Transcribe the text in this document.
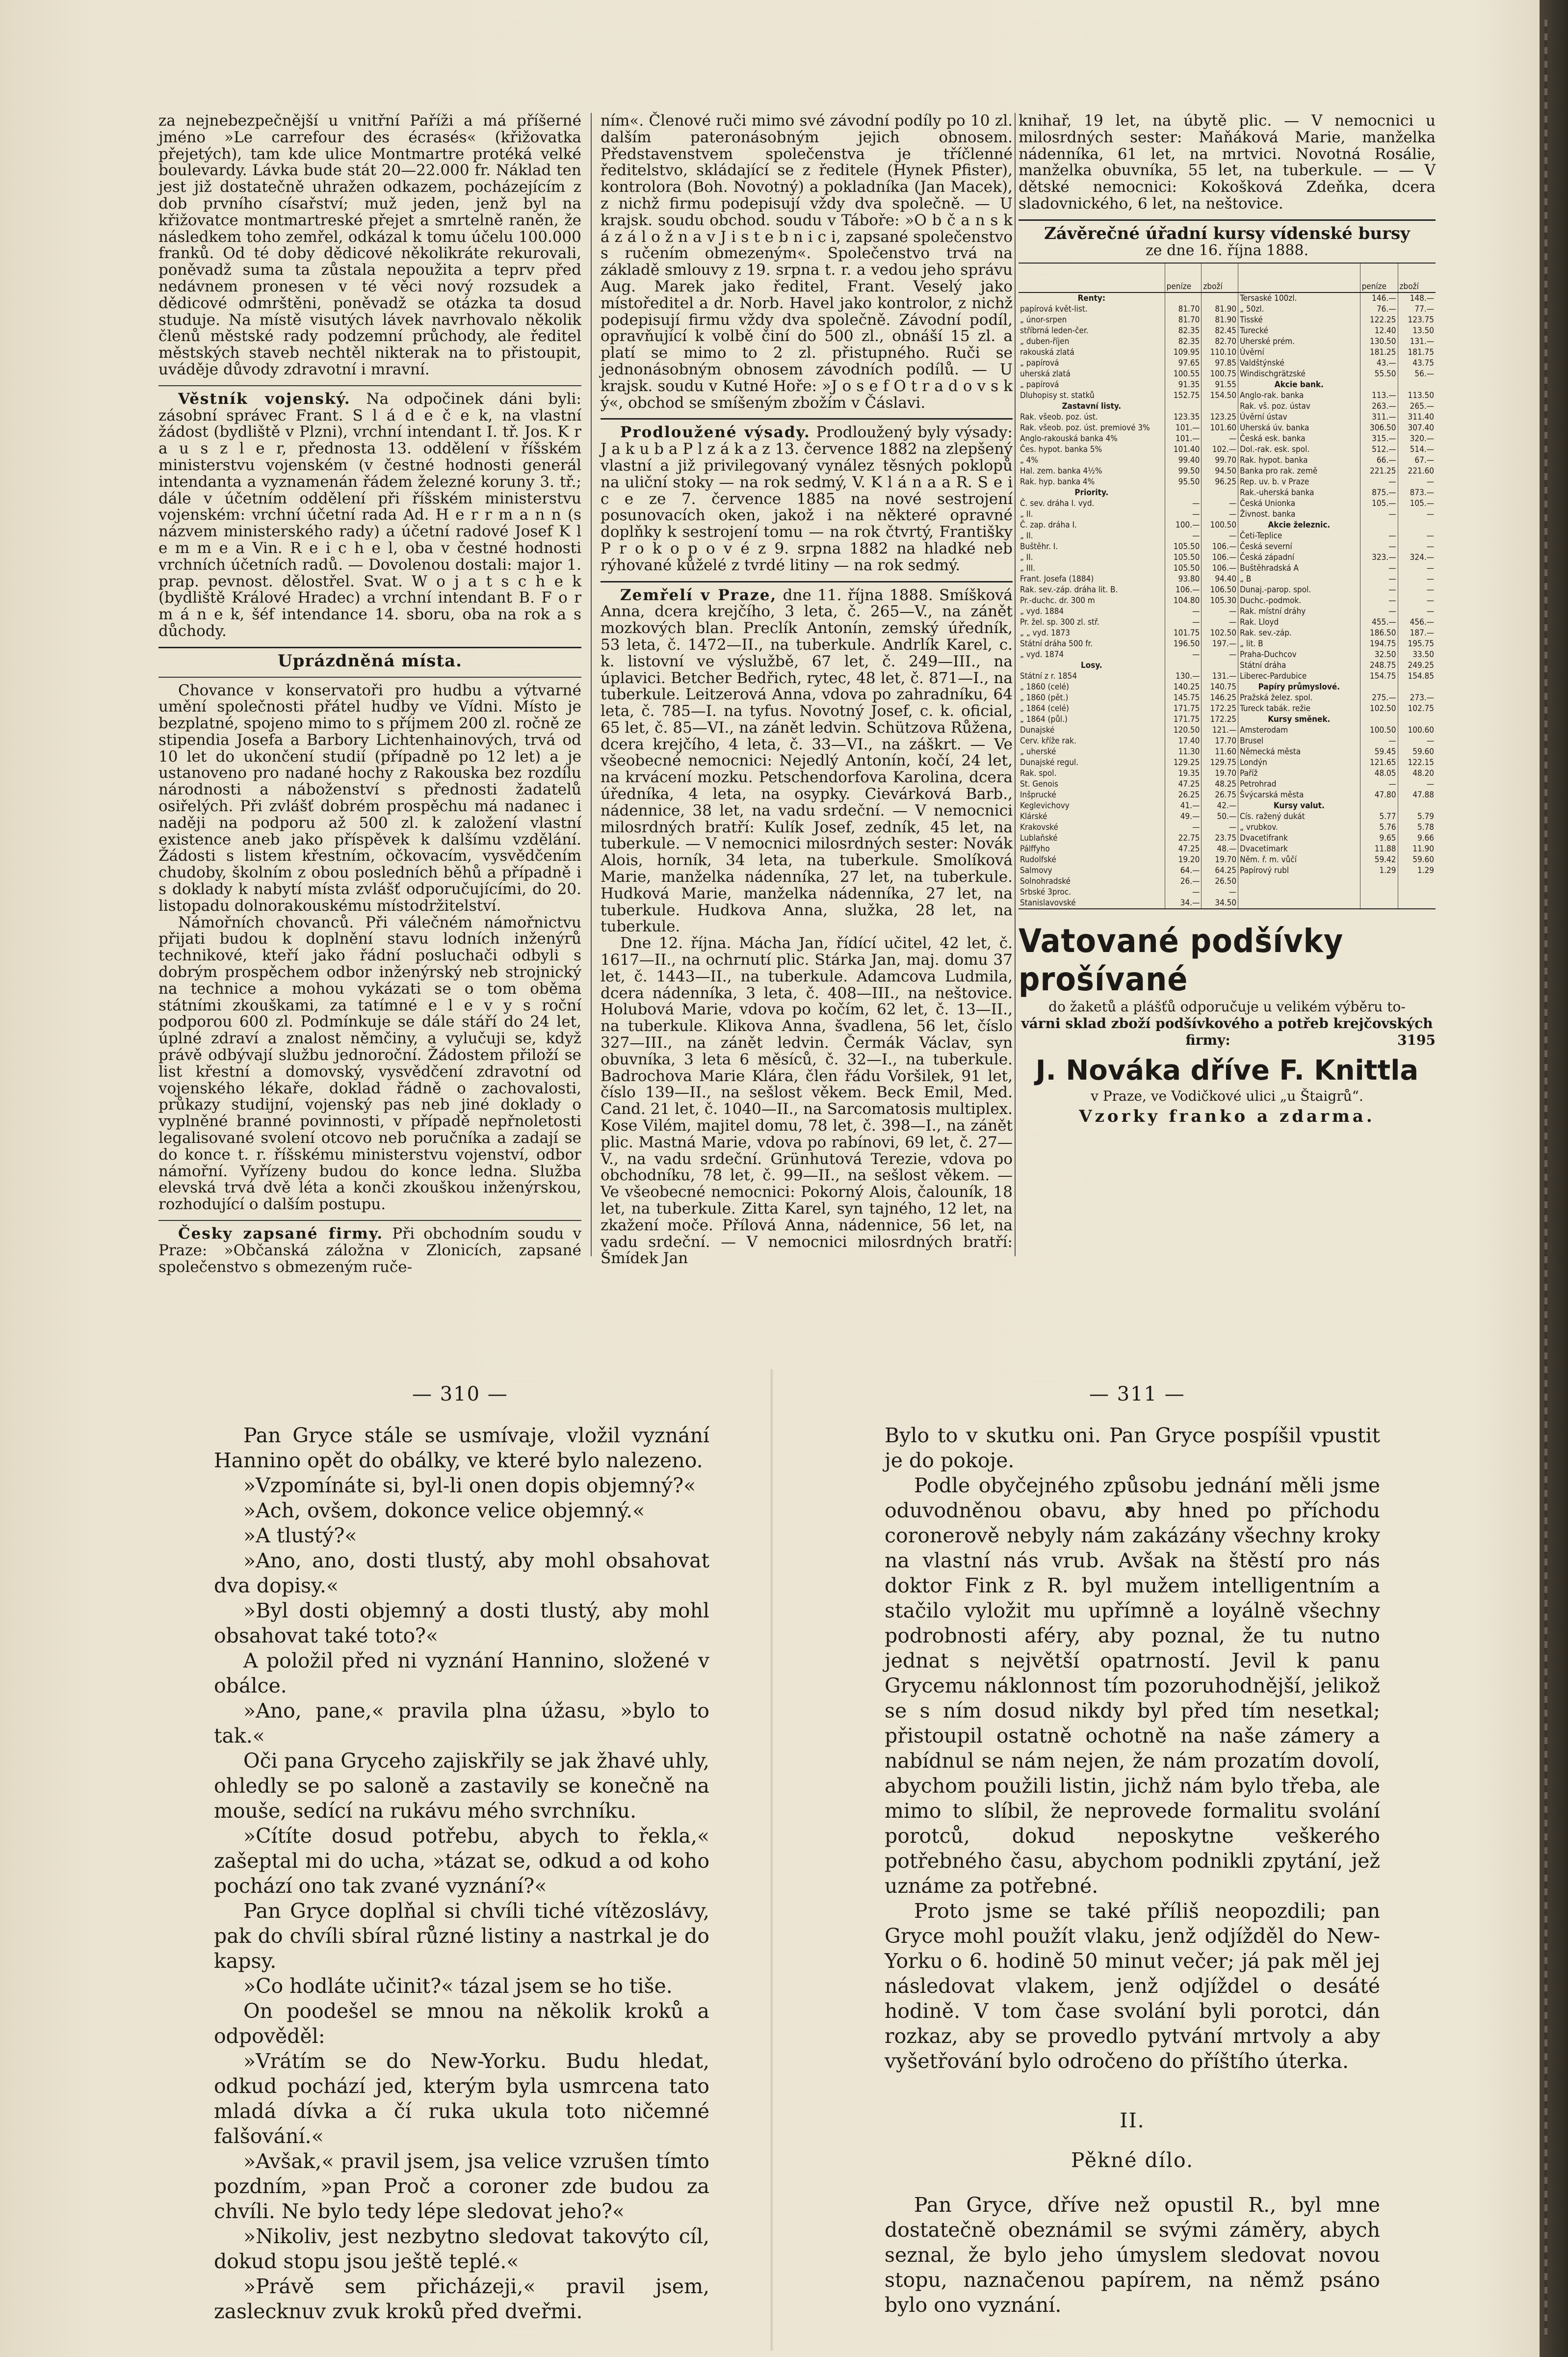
za nejnebezpečnější u vnitřní Paříži a má příšerné jméno »Le carrefour des écrasés« (křižovatka přejetých), tam kde ulice Montmartre protéká velké boulevardy. Lávka bude stát 20—22.000 fr. Náklad ten jest již dostatečně uhražen odkazem, pocházejícím z dob prvního císařství; muž jeden, jenž byl na křižovatce montmartreské přejet a smrtelně raněn, že následkem toho zemřel, odkázal k tomu účelu 100.000 franků. Od té doby dědicové několikráte rekurovali, poněvadž suma ta zůstala nepoužita a teprv před nedávnem pronesen v té věci nový rozsudek a dědicové odmrštěni, poněvadž se otázka ta dosud studuje. Na místě visutých lávek navrhovalo několik členů městské rady podzemní průchody, ale ředitel městských staveb nechtěl nikterak na to přistoupit, uváděje důvody zdravotní i mravní.

Věstník vojenský. Na odpočinek dáni byli: zásobní správec Frant. S l á d e č e k, na vlastní žádost (bydliště v Plzni), vrchní intendant I. tř. Jos. K r a u s z l e r, přednosta 13. oddělení v říšském ministerstvu vojenském (v čestné hodnosti generál intendanta a vyznamenán řádem železné koruny 3. tř.; dále v účetním oddělení při říšském ministerstvu vojenském: vrchní účetní rada Ad. H e r r m a n n (s názvem ministerského rady) a účetní radové Josef K l e m m e a Vin. R e i c h e l, oba v čestné hodnosti vrchních účetních radů. — Dovolenou dostali: major 1. prap. pevnost. dělostřel. Svat. W o j a t s c h e k (bydliště Králové Hradec) a vrchní intendant B. F o r m á n e k, šéf intendance 14. sboru, oba na rok a s důchody.

Uprázdněná místa.

Chovance v konservatoři pro hudbu a výtvarné umění společnosti přátel hudby ve Vídni. Místo je bezplatné, spojeno mimo to s příjmem 200 zl. ročně ze stipendia Josefa a Barbory Lichtenhainových, trvá od 10 let do ukončení studií (případně po 12 let) a je ustanoveno pro nadané hochy z Rakouska bez rozdílu národnosti a náboženství s přednosti žadatelů osiřelých. Při zvlášť dobrém prospěchu má nadanec i naději na podporu až 500 zl. k založení vlastní existence aneb jako příspěvek k dalšímu vzdělání. Žádosti s listem křestním, očkovacím, vysvědčením chudoby, školním z obou posledních běhů a případně i s doklady k nabytí místa zvlášť odporučujícími, do 20. listopadu dolnorakouskému místodržitelství.

Námořních chovanců. Při válečném námořnictvu přijati budou k doplnění stavu lodních inženýrů technikové, kteří jako řádní posluchači odbyli s dobrým prospěchem odbor inženýrský neb strojnický na technice a mohou vykázati se o tom oběma státními zkouškami, za tatímné e l e v y s roční podporou 600 zl. Podmínkuje se dále stáří do 24 let, úplné zdraví a znalost němčiny, a vylučuji se, když právě odbývají službu jednoroční. Žádostem přiloží se list křestní a domovský, vysvědčení zdravotní od vojenského lékaře, doklad řádně o zachovalosti, průkazy studijní, vojenský pas neb jiné doklady o vyplněné branné povinnosti, v případě nepřnoletosti legalisované svolení otcovo neb poručníka a zadají se do konce t. r. říšskému ministerstvu vojenství, odbor námořní. Vyřízeny budou do konce ledna. Služba elevská trvá dvě léta a konči zkouškou inženýrskou, rozhodující o dalším postupu.

Česky zapsané firmy. Při obchodním soudu v Praze: »Občanská záložna v Zlonicích, zapsané společenstvo s obmezeným ruče-

ním«. Členové ruči mimo své závodní podíly po 10 zl. dalším pateronásobným jejich obnosem. Představenstvem společenstva je tříčlenné ředitelstvo, skládající se z ředitele (Hynek Pfister), kontrolora (Boh. Novotný) a pokladníka (Jan Macek), z nichž firmu podepisují vždy dva společně. — U krajsk. soudu obchod. soudu v Táboře: »O b č a n s k á z á l o ž n a v J i s t e b n i c i, zapsané společenstvo s ručením obmezeným«. Společenstvo trvá na základě smlouvy z 19. srpna t. r. a vedou jeho správu Aug. Marek jako ředitel, Frant. Veselý jako místoředitel a dr. Norb. Havel jako kontrolor, z nichž podepisují firmu vždy dva společně. Závodní podíl, opravňující k volbě činí do 500 zl., obnáší 15 zl. a platí se mimo to 2 zl. přistupného. Ruči se jednonásobným obnosem závodních podílů. — U krajsk. soudu v Kutné Hoře: »J o s e f O t r a d o v s k ý«, obchod se smíšeným zbožím v Čáslavi.

Prodloužené výsady. Prodloužený byly výsady: J a k u b a P l z á k a z 13. července 1882 na zlepšený vlastní a již privilegovaný vynález těsných poklopů na uliční stoky — na rok sedmý, V. K l á n a a R. S e i c e ze 7. července 1885 na nové sestrojení posunovacích oken, jakož i na některé opravné doplňky k sestrojení tomu — na rok čtvrtý, Františky P r o k o p o v é z 9. srpna 1882 na hladké neb rýhované kůželé z tvrdé litiny — na rok sedmý.

Zemřelí v Praze, dne 11. října 1888. Smíšková Anna, dcera krejčího, 3 leta, č. 265—V., na zánět mozkových blan. Preclík Antonín, zemský úředník, 53 leta, č. 1472—II., na tuberkule. Andrlík Karel, c. k. listovní ve výslužbě, 67 let, č. 249—III., na úplavici. Betcher Bedřich, rytec, 48 let, č. 871—I., na tuberkule. Leitzerová Anna, vdova po zahradníku, 64 leta, č. 785—I. na tyfus. Novotný Josef, c. k. oficial, 65 let, č. 85—VI., na zánět ledvin. Schützova Růžena, dcera krejčího, 4 leta, č. 33—VI., na záškrt. — Ve všeobecné nemocnici: Nejedlý Antonín, kočí, 24 let, na krvácení mozku. Petschendorfova Karolina, dcera úředníka, 4 leta, na osypky. Cievárková Barb., nádennice, 38 let, na vadu srdeční. — V nemocnici milosrdných bratří: Kulík Josef, zedník, 45 let, na tuberkule. — V nemocnici milosrdných sester: Novák Alois, horník, 34 leta, na tuberkule. Smolíková Marie, manželka nádenníka, 27 let, na tuberkule. Hudková Marie, manželka nádenníka, 27 let, na tuberkule. Hudkova Anna, služka, 28 let, na tuberkule.

Dne 12. října. Mácha Jan, řídící učitel, 42 let, č. 1617—II., na ochrnutí plic. Stárka Jan, maj. domu 37 let, č. 1443—II., na tuberkule. Adamcova Ludmila, dcera nádenníka, 3 leta, č. 408—III., na neštovice. Holubová Marie, vdova po kočím, 62 let, č. 13—II., na tuberkule. Klikova Anna, švadlena, 56 let, číslo 327—III., na zánět ledvin. Čermák Václav, syn obuvníka, 3 leta 6 měsíců, č. 32—I., na tuberkule. Badrochova Marie Klára, člen řádu Voršilek, 91 let, číslo 139—II., na sešlost věkem. Beck Emil, Med. Cand. 21 let, č. 1040—II., na Sarcomatosis multiplex. Kose Vilém, majitel domu, 78 let, č. 398—I., na zánět plic. Mastná Marie, vdova po rabínovi, 69 let, č. 27—V., na vadu srdeční. Grünhutová Terezie, vdova po obchodníku, 78 let, č. 99—II., na sešlost věkem. — Ve všeobecné nemocnici: Pokorný Alois, čalouník, 18 let, na tuberkule. Zitta Karel, syn tajného, 12 let, na zkažení moče. Přílová Anna, nádennice, 56 let, na vadu srdeční. — V nemocnici milosrdných bratří: Šmídek Jan

knihař, 19 let, na úbytě plic. — V nemocnici u milosrdných sester: Maňáková Marie, manželka nádenníka, 61 let, na mrtvici. Novotná Rosálie, manželka obuvníka, 55 let, na tuberkule. — — V dětské nemocnici: Kokošková Zdeňka, dcera sladovnického, 6 let, na neštovice.

Závěrečné úřadní kursy vídenské bursy
ze dne 16. října 1888.
	peníze	zboží		peníze	zboží
Renty:			Tersaské 100zl.	146.—	148.—
papírová květ-list.	81.70	81.90	„ 50zl.	76.—	77.—
„ únor-srpen	81.70	81.90	Tisské	122.25	123.75
stříbrná leden-čer.	82.35	82.45	Turecké	12.40	13.50
„ duben-říjen	82.35	82.70	Uherské prém.	130.50	131.—
rakouská zlatá	109.95	110.10	Úvěrní	181.25	181.75
„ papírová	97.65	97.85	Valdštýnské	43.—	43.75
uherská zlatá	100.55	100.75	Windischgrätzské	55.50	56.—
„ papírová	91.35	91.55	Akcie bank.		
Dluhopisy st. statků	152.75	154.50	Anglo-rak. banka	113.—	113.50
Zastavní listy.			Rak. vš. poz. ústav	263.—	265.—
Rak. všeob. poz. úst.	123.35	123.25	Úvěrní ústav	311.—	311.40
Rak. všeob. poz. úst. premiové 3%	101.—	101.60	Uherská úv. banka	306.50	307.40
Anglo-rakouská banka 4%	101.—	—	Česká esk. banka	315.—	320.—
Čes. hypot. banka 5%	101.40	102.—	Dol.-rak. esk. spol.	512.—	514.—
„ 4%	99.40	99.70	Rak. hypot. banka	66.—	67.—
Hal. zem. banka 4½%	99.50	94.50	Banka pro rak. země	221.25	221.60
Rak. hyp. banka 4%	95.50	96.25	Rep. uv. b. v Praze	—	—
Priority.			Rak.-uherská banka	875.—	873.—
Č. sev. dráha I. vyd.	—	—	Česká Unionka	105.—	105.—
„ II.	—	—	Živnost. banka	—	—
Č. zap. dráha I.	100.—	100.50	Akcie železnic.		
„ II.	—	—	Četi-Teplice	—	—
Buštěhr. I.	105.50	106.—	Česká severní	—	—
„ II.	105.50	106.—	Česká západní	323.—	324.—
„ III.	105.50	106.—	Buštěhradská A	—	—
Frant. Josefa (1884)	93.80	94.40	„ B	—	—
Rak. sev.-záp. dráha lit. B.	106.—	106.50	Dunaj.-parop. spol.	—	—
Pr.-duchc. dr. 300 m	104.80	105.30	Duchc.-podmok.	—	—
„ vyd. 1884	—	—	Rak. místní dráhy	—	—
Pr. žel. sp. 300 zl. stř.	—	—	Rak. Lloyd	455.—	456.—
„ „ vyd. 1873	101.75	102.50	Rak. sev.-záp.	186.50	187.—
Státní dráha 500 fr.	196.50	197.—	„ lit. B	194.75	195.75
„ vyd. 1874	—	—	Praha-Duchcov	32.50	33.50
Losy.			Státní dráha	248.75	249.25
Státní z r. 1854	130.—	131.—	Liberec-Pardubice	154.75	154.85
„ 1860 (celé)	140.25	140.75	Papíry průmyslové.		
„ 1860 (pět.)	145.75	146.25	Pražská želez. spol.	275.—	273.—
„ 1864 (celé)	171.75	172.25	Tureck tabák. režie	102.50	102.75
„ 1864 (půl.)	171.75	172.25	Kursy směnek.		
Dunajské	120.50	121.—	Amsterodam	100.50	100.60
Cerv. kříže rak.	17.40	17.70	Brusel	—	—
„ uherské	11.30	11.60	Německá města	59.45	59.60
Dunajské regul.	129.25	129.75	Londýn	121.65	122.15
Rak. spol.	19.35	19.70	Paříž	48.05	48.20
St. Genois	47.25	48.25	Petrohrad	—	—
Inšprucké	26.25	26.75	Švýcarská města	47.80	47.88
Keglevichovy	41.—	42.—	Kursy valut.		
Klárské	49.—	50.—	Cís. ražený dukát	5.77	5.79
Krakovské	—	—	„ vrubkov.	5.76	5.78
Lublaňské	22.75	23.75	Dvacetifrank	9.65	9.66
Pálffyho	47.25	48.—	Dvacetimark	11.88	11.90
Rudolfské	19.20	19.70	Něm. ř. m. vůčí	59.42	59.60
Salmovy	64.—	64.25	Papírový rubl	1.29	1.29
Solnohradské	26.—	26.50			
Srbské 3proc.	—	—			
Stanislavovské	34.—	34.50			
Vatované podšívky prošívané
do žaketů a plášťů odporučuje u velikém výběru to-
várni sklad zboží podšívkového a potřeb krejčovských firmy:	3195
J. Nováka dříve F. Knittla
v Praze, ve Vodičkové ulici „u Štaigrů“.
Vzorky franko a zdarma.
— 310 —	— 311 —

Pan Gryce stále se usmívaje, vložil vyznání Hannino opět do obálky, ve které bylo nalezeno.

»Vzpomínáte si, byl-li onen dopis objemný?«

»Ach, ovšem, dokonce velice objemný.«

»A tlustý?«

»Ano, ano, dosti tlustý, aby mohl obsahovat dva dopisy.«

»Byl dosti objemný a dosti tlustý, aby mohl obsahovat také toto?«

A položil před ni vyznání Hannino, složené v obálce.

»Ano, pane,« pravila plna úžasu, »bylo to tak.«

Oči pana Gryceho zajiskřily se jak žhavé uhly, ohledly se po saloně a zastavily se konečně na mouše, sedící na rukávu mého svrchníku.

»Cítíte dosud potřebu, abych to řekla,« zašeptal mi do ucha, »tázat se, odkud a od koho pochází ono tak zvané vyznání?«

Pan Gryce doplňal si chvíli tiché vítězoslávy, pak do chvíli sbíral různé listiny a nastrkal je do kapsy.

»Co hodláte učinit?« tázal jsem se ho tiše.

On poodešel se mnou na několik kroků a odpověděl:

»Vrátím se do New-Yorku. Budu hledat, odkud pochází jed, kterým byla usmrcena tato mladá dívka a čí ruka ukula toto ničemné falšování.«

»Avšak,« pravil jsem, jsa velice vzrušen tímto pozdním, »pan Proč a coroner zde budou za chvíli. Ne bylo tedy lépe sledovat jeho?«

»Nikoliv, jest nezbytno sledovat takovýto cíl, dokud stopu jsou ještě teplé.«

»Právě sem přicházeji,« pravil jsem, zaslecknuv zvuk kroků před dveřmi.

Bylo to v skutku oni. Pan Gryce pospíšil vpustit je do pokoje.

Podle obyčejného způsobu jednání měli jsme oduvodněnou obavu, aby hned po příchodu coronerově nebyly nám zakázány všechny kroky na vlastní nás vrub. Avšak na štěstí pro nás doktor Fink z R. byl mužem intelligentním a stačilo vyložit mu upřímně a loyálně všechny podrobnosti aféry, aby poznal, že tu nutno jednat s největší opatrností. Jevil k panu Grycemu náklonnost tím pozoruhodnější, jelikož se s ním dosud nikdy byl před tím nesetkal; přistoupil ostatně ochotně na naše zámery a nabídnul se nám nejen, že nám prozatím dovolí, abychom použili listin, jichž nám bylo třeba, ale mimo to slíbil, že neprovede formalitu svolání porotců, dokud neposkytne veškerého potřebného času, abychom podnikli zpytání, jež uznáme za potřebné.

Proto jsme se také příliš neopozdili; pan Gryce mohl použít vlaku, jenž odjížděl do New-Yorku o 6. hodině 50 minut večer; já pak měl jej následovat vlakem, jenž odjíždel o desáté hodině. V tom čase svolání byli porotci, dán rozkaz, aby se provedlo pytvání mrtvoly a aby vyšetřování bylo odročeno do příštího úterka.

II.
Pěkné dílo.

Pan Gryce, dříve než opustil R., byl mne dostatečně obeznámil se svými záměry, abych seznal, že bylo jeho úmyslem sledovat novou stopu, naznačenou papírem, na němž psáno bylo ono vyznání.
